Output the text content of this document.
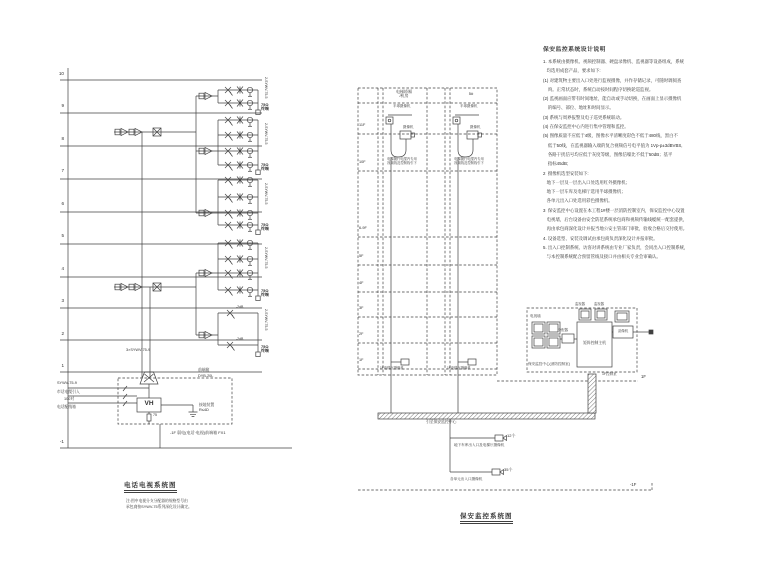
10
9
8
7
6
5
4
3
2
1
-1
3×SYWV-75-9
-2dB
-2dB
2-SYWV-75-5
2-SYWV-75-5
2-SYWV-75-5
2-SYWV-75-5
2-SYWV-75-5
75Ω
终端
75Ω
终端
75Ω
终端
75Ω
终端
75Ω
终端
SYWV-75-9
市话电缆引入
100对
电话配线箱
前端箱
DYB-20L
VH
75
接地装置
R≤4Ω
-1F 弱电(电话·电视)前端箱 FX1
电话电视系统图
注:图中电视分支分配器的规格型号由
承包商按SYWV-75系列深化设计确定。
电梯轿厢
/机房	5#
11F
10F
6-9F
5F
4F
3F
2F
1F
半球摄像机	半球摄像机
摄像机	摄像机
电梯随行电缆内专用
视频线及控制线引下
电梯随行电缆内专用
视频线及控制线引下
1F电梯厅摄像机	1F电梯厅摄像机
引至保安监控中心
12个
地下车库出入口及电梯厅摄像机
35个
各单元出入口摄像机
1F
-1F
电视墙
分配器
矩阵控制主机
监视器	监视器
录像机
保安监控中心(消防控制室)
1F控制室
保安监控系统图
保安监控系统设计说明
1. 本系统由摄像机、视频控制器、硬盘录像机、监视器等设备组成，系统
均选用成套产品，要求如下:
(1) 对建筑物主要出入口处进行监视摄像，并作存储记录，可随时调阅查
询。正常状态时，系统自动按时间程序切换轮巡监视。
(2) 监视画面应带有时间地址，能自动或手动切换，在画面上显示摄像机
的编号、部位、地址和时间显示。
(3) 系统与周界报警及电子巡更系统联动。
(4) 在保安监控中心内进行集中管理和监控。
(5) 图像质量不应低于4级，图像水平清晰度彩色不低于480线，黑白不
低于50线，在监视器输入端的复合视频信号电平值为 1Vp-p±3dBVBS,
各路干扰信号均应低于灰度等级，图像信噪比不低于50dB；基平
指标45dB;
2  摄像机选型安装如下:
地下一层及一层出入口处选用红外摄像机；
地下一层车库及电梯厅选用半球摄像机；
各单元出入口处选用彩色摄像机。
3  保安监控中心设置在本工程1#楼一层消防控制室内，保安监控中心设置
电视墙，后台设备由安全防范系统承包商和视频传输线缆统一配套提供，
再由承包商深化设计并报当地公安主管部门审批，验收合格后交付使用。
4. 设备选型、安装及调试由承包商负责深化设计并报审批。
5. 出入口控制系统、访客对讲系统由专业厂家负责，会同出入口控制系统，
与本控制系统配合预留管线及接口并由相关专业会审确认。
